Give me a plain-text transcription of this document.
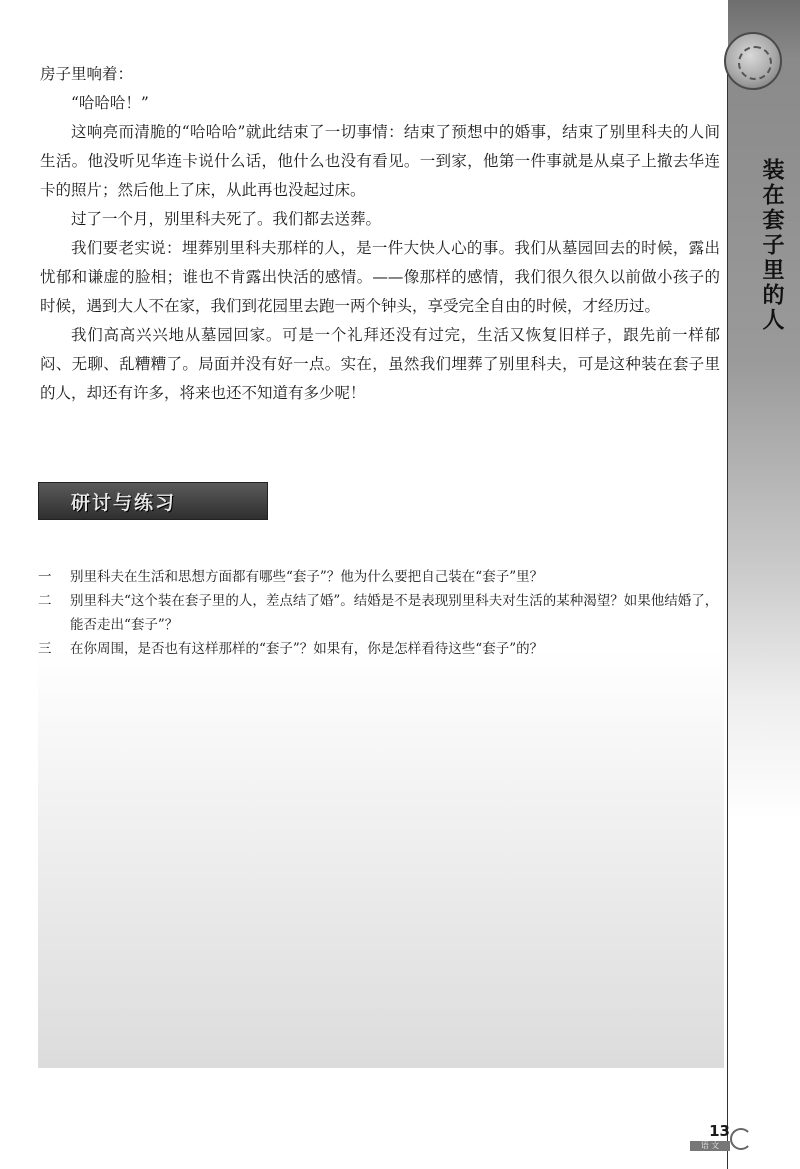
装在套子里的人

房子里响着：

“哈哈哈！”

这响亮而清脆的“哈哈哈”就此结束了一切事情：结束了预想中的婚事，结束了别里科夫的人间生活。他没听见华连卡说什么话，他什么也没有看见。一到家，他第一件事就是从桌子上撤去华连卡的照片；然后他上了床，从此再也没起过床。

过了一个月，别里科夫死了。我们都去送葬。

我们要老实说：埋葬别里科夫那样的人，是一件大快人心的事。我们从墓园回去的时候，露出忧郁和谦虚的脸相；谁也不肯露出快活的感情。——像那样的感情，我们很久很久以前做小孩子的时候，遇到大人不在家，我们到花园里去跑一两个钟头，享受完全自由的时候，才经历过。

我们高高兴兴地从墓园回家。可是一个礼拜还没有过完，生活又恢复旧样子，跟先前一样郁闷、无聊、乱糟糟了。局面并没有好一点。实在，虽然我们埋葬了别里科夫，可是这种装在套子里的人，却还有许多，将来也还不知道有多少呢！

研讨与练习
一	别里科夫在生活和思想方面都有哪些“套子”？他为什么要把自己装在“套子”里？
二	别里科夫“这个装在套子里的人，差点结了婚”。结婚是不是表现别里科夫对生活的某种渴望？如果他结婚了，能否走出“套子”？
三	在你周围，是否也有这样那样的“套子”？如果有，你是怎样看待这些“套子”的？
13
语 文
